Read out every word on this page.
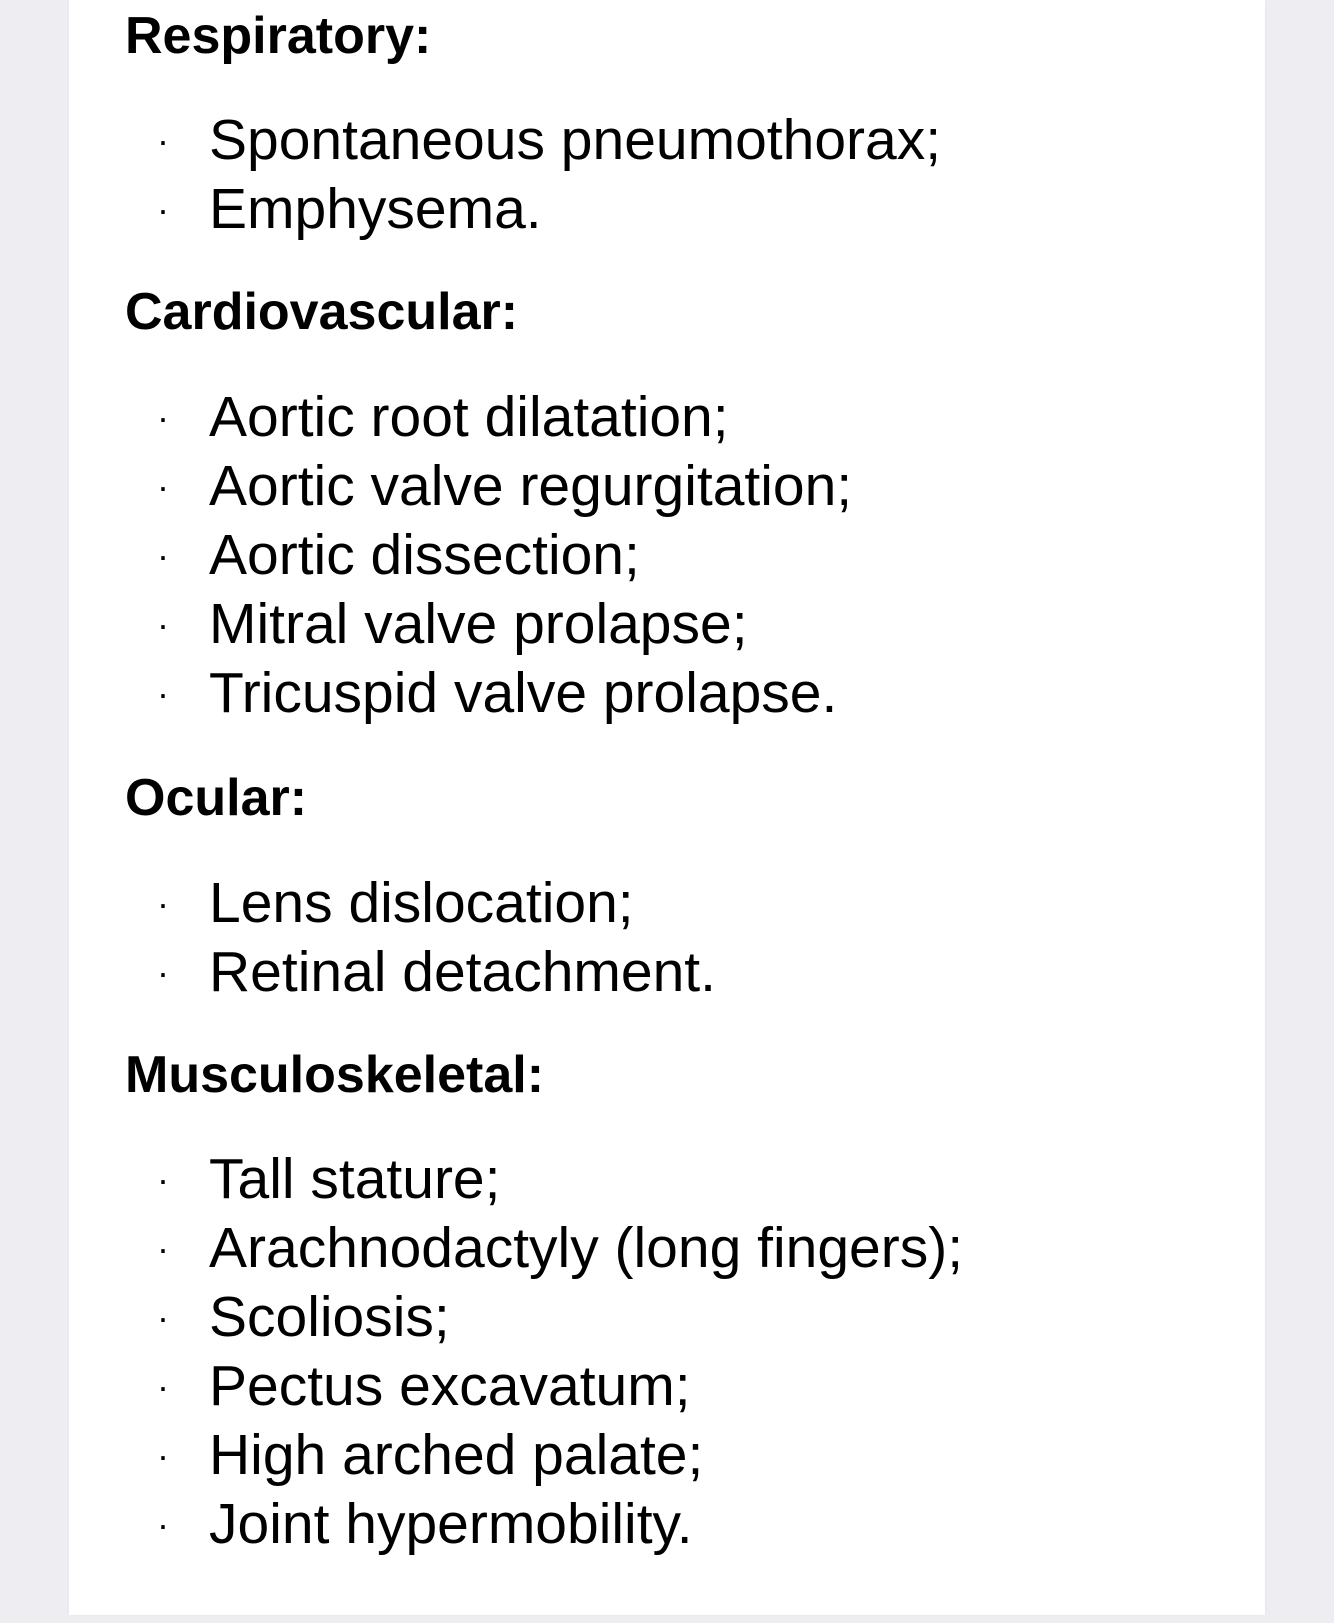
Respiratory:
· Spontaneous pneumothorax;
· Emphysema.
Cardiovascular:
· Aortic root dilatation;
· Aortic valve regurgitation;
· Aortic dissection;
· Mitral valve prolapse;
· Tricuspid valve prolapse.
Ocular:
· Lens dislocation;
· Retinal detachment.
Musculoskeletal:
· Tall stature;
· Arachnodactyly (long fingers);
· Scoliosis;
· Pectus excavatum;
· High arched palate;
· Joint hypermobility.
